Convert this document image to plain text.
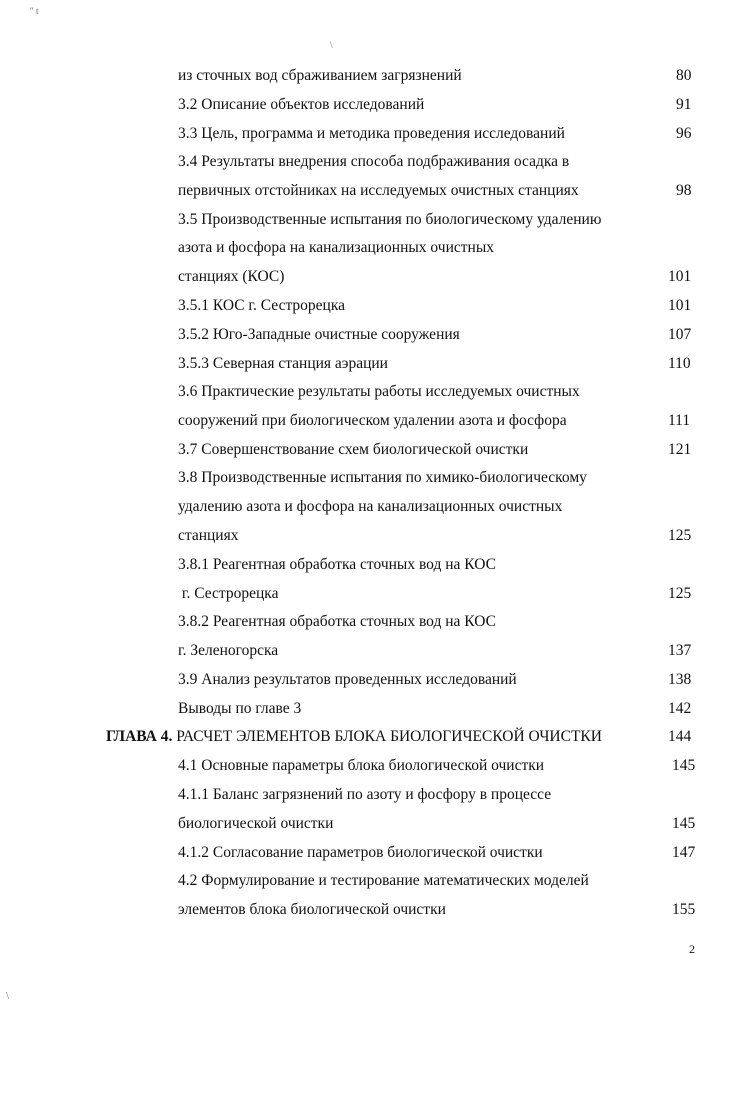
″ t
\
\
из сточных вод сбраживанием загрязнений	80
3.2 Описание объектов исследований	91
3.3 Цель, программа и методика проведения исследований	96
3.4 Результаты внедрения способа подбраживания осадка в
первичных отстойниках на исследуемых очистных станциях	98
3.5 Производственные испытания по биологическому удалению
азота и фосфора на канализационных очистных
станциях (КОС)	101
3.5.1 КОС г. Сестрорецка	101
3.5.2 Юго-Западные очистные сооружения	107
3.5.3 Северная станция аэрации	110
3.6 Практические результаты работы исследуемых очистных
сооружений при биологическом удалении азота и фосфора	111
3.7 Совершенствование схем биологической очистки	121
3.8 Производственные испытания по химико-биологическому
удалению азота и фосфора на канализационных очистных
станциях	125
3.8.1 Реагентная обработка сточных вод на КОС
г. Сестрорецка	125
3.8.2 Реагентная обработка сточных вод на КОС
г. Зеленогорска	137
3.9 Анализ результатов проведенных исследований	138
Выводы по главе 3	142
ГЛАВА 4. РАСЧЕТ ЭЛЕМЕНТОВ БЛОКА БИОЛОГИЧЕСКОЙ ОЧИСТКИ	144
4.1 Основные параметры блока биологической очистки	145
4.1.1 Баланс загрязнений по азоту и фосфору в процессе
биологической очистки	145
4.1.2 Согласование параметров биологической очистки	147
4.2 Формулирование и тестирование математических моделей
элементов блока биологической очистки	155
2
